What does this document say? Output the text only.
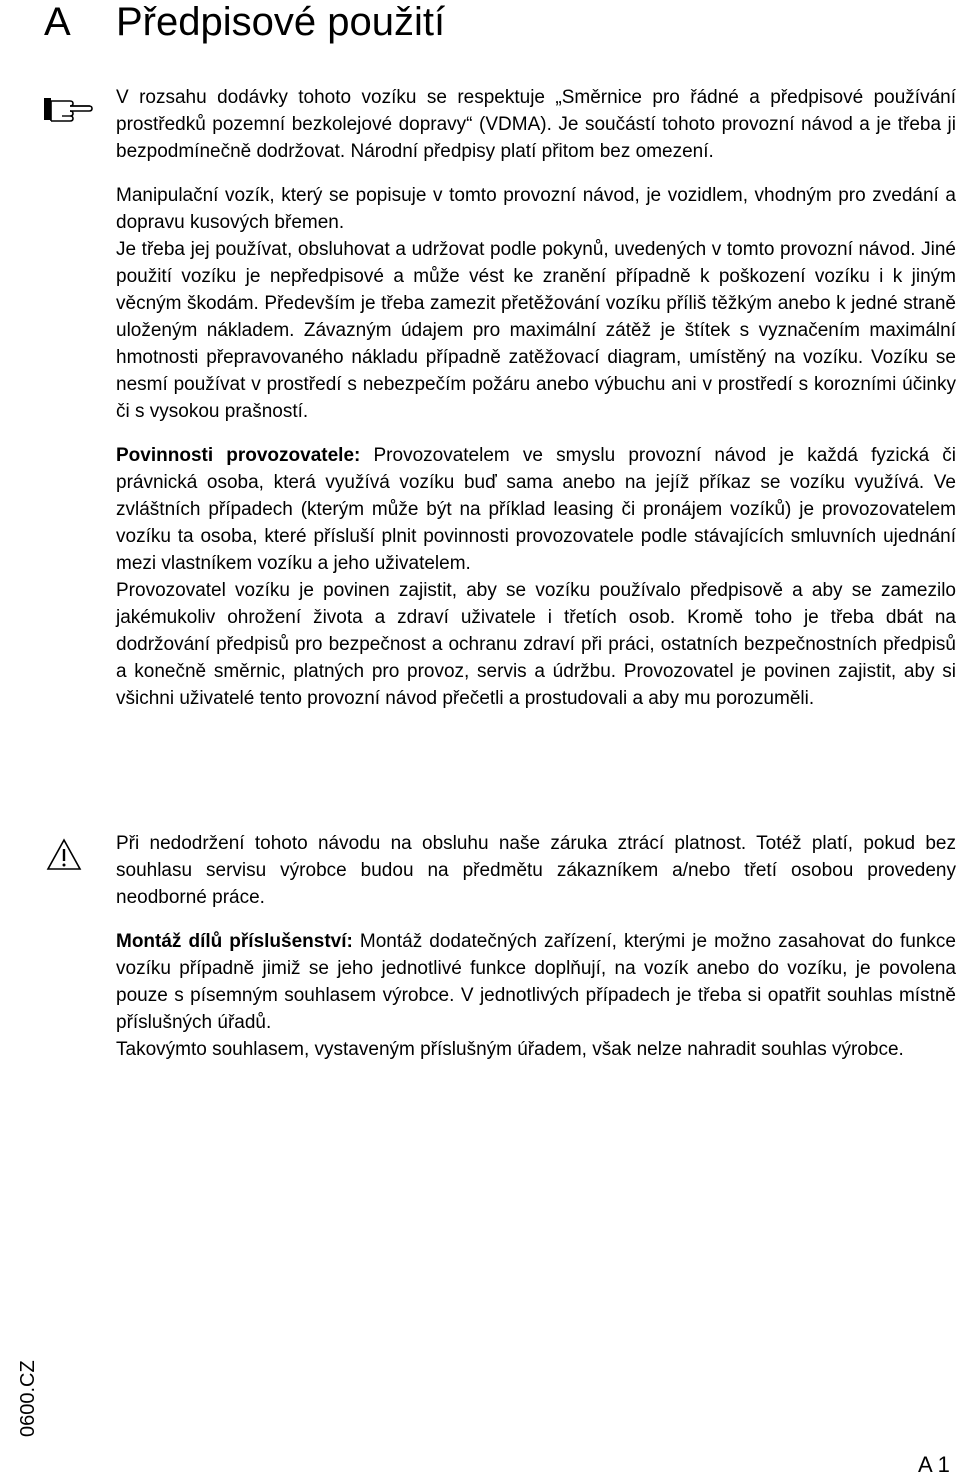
A Předpisové použití

V rozsahu dodávky tohoto vozíku se respektuje „Směrnice pro řádné a předpisové používání prostředků pozemní bezkolejové dopravy“ (VDMA). Je součástí tohoto provozní návod a je třeba ji bezpodmínečně dodržovat. Národní předpisy platí přitom bez omezení.

Manipulační vozík, který se popisuje v tomto provozní návod, je vozidlem, vhodným pro zvedání a dopravu kusových břemen.

Je třeba jej používat, obsluhovat a udržovat podle pokynů, uvedených v tomto provozní návod. Jiné použití vozíku je nepředpisové a může vést ke zranění případně k poškození vozíku i k jiným věcným škodám. Především je třeba zamezit přetěžování vozíku příliš těžkým anebo k jedné straně uloženým nákladem. Závazným údajem pro maximální zátěž je štítek s vyznačením maximální hmotnosti přepravovaného nákladu případně zatěžovací diagram, umístěný na vozíku. Vozíku se nesmí používat v prostředí s nebezpečím požáru anebo výbuchu ani v prostředí s korozními účinky či s vysokou prašností.

Povinnosti provozovatele: Provozovatelem ve smyslu provozní návod je každá fyzická či právnická osoba, která využívá vozíku buď sama anebo na jejíž příkaz se vozíku využívá. Ve zvláštních případech (kterým může být na příklad leasing či pronájem vozíků) je provozovatelem vozíku ta osoba, které přísluší plnit povinnosti provozovatele podle stávajících smluvních ujednání mezi vlastníkem vozíku a jeho uživatelem.

Provozovatel vozíku je povinen zajistit, aby se vozíku používalo předpisově a aby se zamezilo jakémukoliv ohrožení života a zdraví uživatele i třetích osob. Kromě toho je třeba dbát na dodržování předpisů pro bezpečnost a ochranu zdraví při práci, ostatních bezpečnostních předpisů a konečně směrnic, platných pro provoz, servis a údržbu. Provozovatel je povinen zajistit, aby si všichni uživatelé tento provozní návod přečetli a prostudovali a aby mu porozuměli.

Při nedodržení tohoto návodu na obsluhu naše záruka ztrácí platnost. Totéž platí, pokud bez souhlasu servisu výrobce budou na předmětu zákazníkem a/nebo třetí osobou provedeny neodborné práce.

Montáž dílů příslušenství: Montáž dodatečných zařízení, kterými je možno zasahovat do funkce vozíku případně jimiž se jeho jednotlivé funkce doplňují, na vozík anebo do vozíku, je povolena pouze s písemným souhlasem výrobce. V jednotlivých případech je třeba si opatřit souhlas místně příslušných úřadů.

Takovýmto souhlasem, vystaveným příslušným úřadem, však nelze nahradit souhlas výrobce.

0600.CZ
A 1
